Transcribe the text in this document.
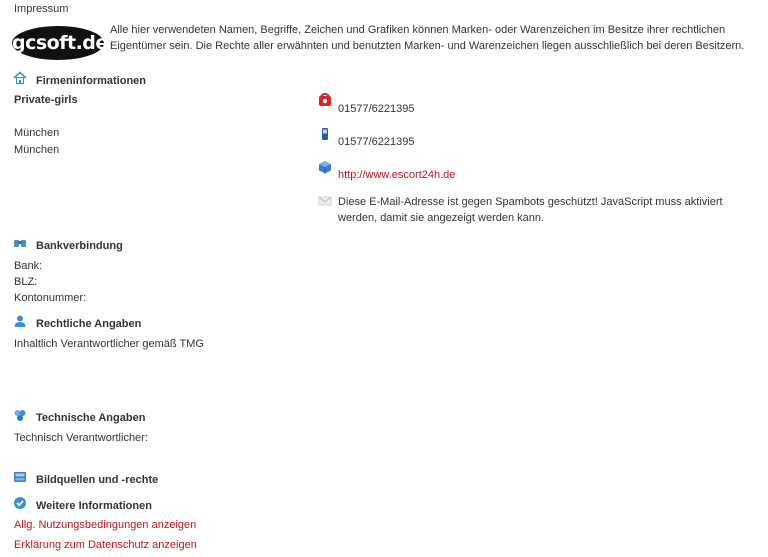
Impressum
gcsoft.de
Alle hier verwendeten Namen, Begriffe, Zeichen und Grafiken können Marken- oder Warenzeichen im Besitze ihrer rechtlichen Eigentümer sein. Die Rechte aller erwähnten und benutzten Marken- und Warenzeichen liegen ausschließlich bei deren Besitzern.
Firmeninformationen
Private-girls
München
München
01577/6221395
01577/6221395
http://www.escort24h.de
Diese E-Mail-Adresse ist gegen Spambots geschützt! JavaScript muss aktiviert werden, damit sie angezeigt werden kann.
Bankverbindung
Bank:
BLZ:
Kontonummer:
Rechtliche Angaben
Inhaltlich Verantwortlicher gemäß TMG
Technische Angaben
Technisch Verantwortlicher:
Bildquellen und -rechte
Weitere Informationen
Allg. Nutzungsbedingungen anzeigen
Erklärung zum Datenschutz anzeigen
